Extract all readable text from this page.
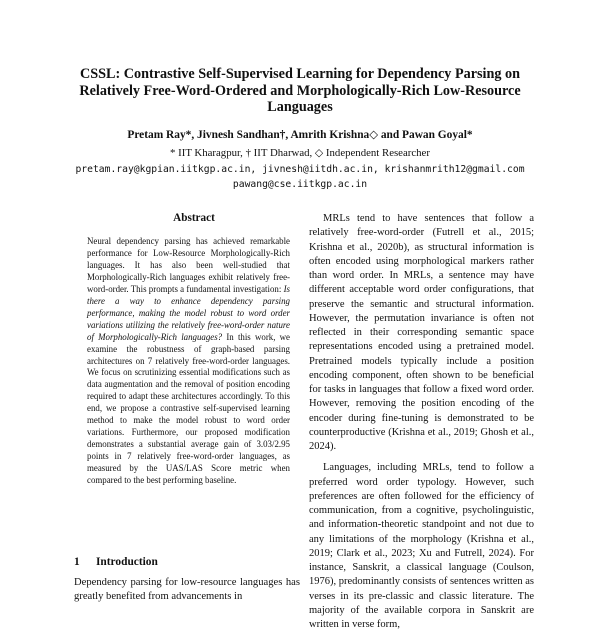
CSSL: Contrastive Self-Supervised Learning for Dependency Parsing on Relatively Free-Word-Ordered and Morphologically-Rich Low-Resource Languages
Pretam Ray*, Jivnesh Sandhan†, Amrith Krishna◇ and Pawan Goyal*
* IIT Kharagpur, † IIT Dharwad, ◇ Independent Researcher
pretam.ray@kgpian.iitkgp.ac.in, jivnesh@iitdh.ac.in, krishanmrith12@gmail.com
pawang@cse.iitkgp.ac.in
Abstract
Neural dependency parsing has achieved remarkable performance for Low-Resource Morphologically-Rich languages. It has also been well-studied that Morphologically-Rich languages exhibit relatively free-word-order. This prompts a fundamental investigation: Is there a way to enhance dependency parsing performance, making the model robust to word order variations utilizing the relatively free-word-order nature of Morphologically-Rich languages? In this work, we examine the robustness of graph-based parsing architectures on 7 relatively free-word-order languages. We focus on scrutinizing essential modifications such as data augmentation and the removal of position encoding required to adapt these architectures accordingly. To this end, we propose a contrastive self-supervised learning method to make the model robust to word order variations. Furthermore, our proposed modification demonstrates a substantial average gain of 3.03/2.95 points in 7 relatively free-word-order languages, as measured by the UAS/LAS Score metric when compared to the best performing baseline.
1 Introduction
Dependency parsing for low-resource languages has greatly benefited from advancements in

MRLs tend to have sentences that follow a relatively free-word-order (Futrell et al., 2015; Krishna et al., 2020b), as structural information is often encoded using morphological markers rather than word order. In MRLs, a sentence may have different acceptable word order configurations, that preserve the semantic and structural information. However, the permutation invariance is often not reflected in their corresponding semantic space representations encoded using a pretrained model. Pretrained models typically include a position encoding component, often shown to be beneficial for tasks in languages that follow a fixed word order. However, removing the position encoding of the encoder during fine-tuning is demonstrated to be counterproductive (Krishna et al., 2019; Ghosh et al., 2024).

Languages, including MRLs, tend to follow a preferred word order typology. However, such preferences are often followed for the efficiency of communication, from a cognitive, psycholinguistic, and information-theoretic standpoint and not due to any limitations of the morphology (Krishna et al., 2019; Clark et al., 2023; Xu and Futrell, 2024). For instance, Sanskrit, a classical language (Coulson, 1976), predominantly consists of sentences written as verses in its pre-classic and classic literature. The majority of the available corpora in Sanskrit are written in verse form,
